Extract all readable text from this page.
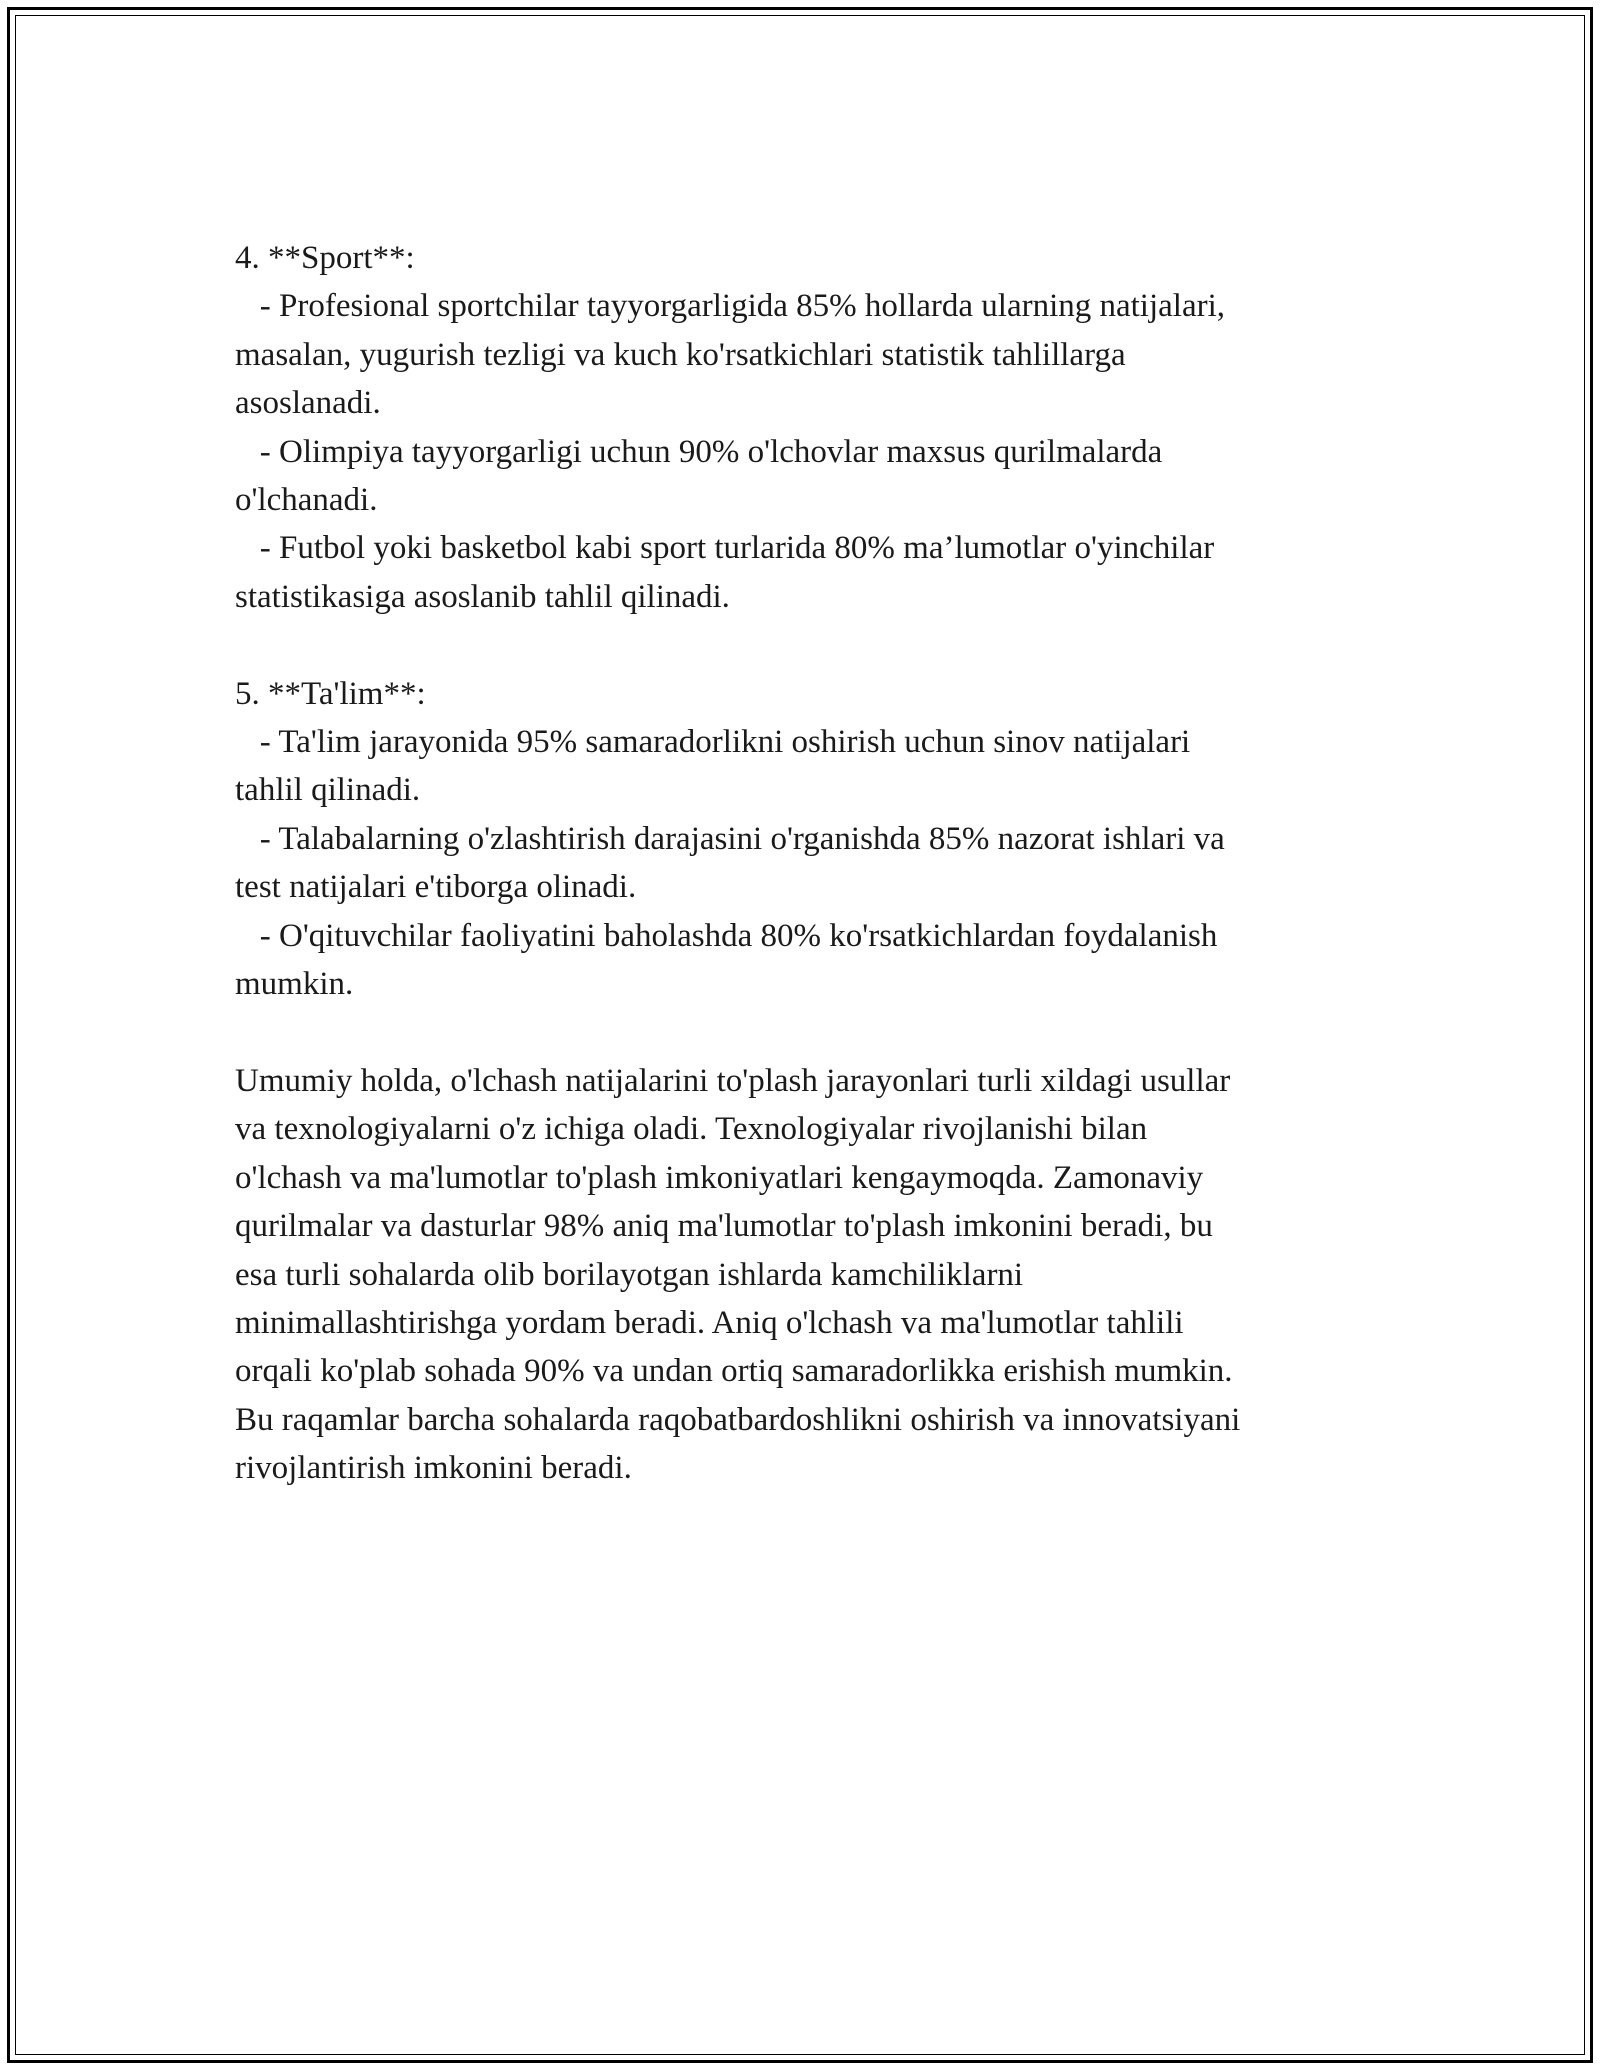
4. **Sport**:
- Profesional sportchilar tayyorgarligida 85% hollarda ularning natijalari,
masalan, yugurish tezligi va kuch ko'rsatkichlari statistik tahlillarga
asoslanadi.
- Olimpiya tayyorgarligi uchun 90% o'lchovlar maxsus qurilmalarda
o'lchanadi.
- Futbol yoki basketbol kabi sport turlarida 80% ma’lumotlar o'yinchilar
statistikasiga asoslanib tahlil qilinadi.
5. **Ta'lim**:
- Ta'lim jarayonida 95% samaradorlikni oshirish uchun sinov natijalari
tahlil qilinadi.
- Talabalarning o'zlashtirish darajasini o'rganishda 85% nazorat ishlari va
test natijalari e'tiborga olinadi.
- O'qituvchilar faoliyatini baholashda 80% ko'rsatkichlardan foydalanish
mumkin.
Umumiy holda, o'lchash natijalarini to'plash jarayonlari turli xildagi usullar
va texnologiyalarni o'z ichiga oladi. Texnologiyalar rivojlanishi bilan
o'lchash va ma'lumotlar to'plash imkoniyatlari kengaymoqda. Zamonaviy
qurilmalar va dasturlar 98% aniq ma'lumotlar to'plash imkonini beradi, bu
esa turli sohalarda olib borilayotgan ishlarda kamchiliklarni
minimallashtirishga yordam beradi. Aniq o'lchash va ma'lumotlar tahlili
orqali ko'plab sohada 90% va undan ortiq samaradorlikka erishish mumkin.
Bu raqamlar barcha sohalarda raqobatbardoshlikni oshirish va innovatsiyani
rivojlantirish imkonini beradi.
